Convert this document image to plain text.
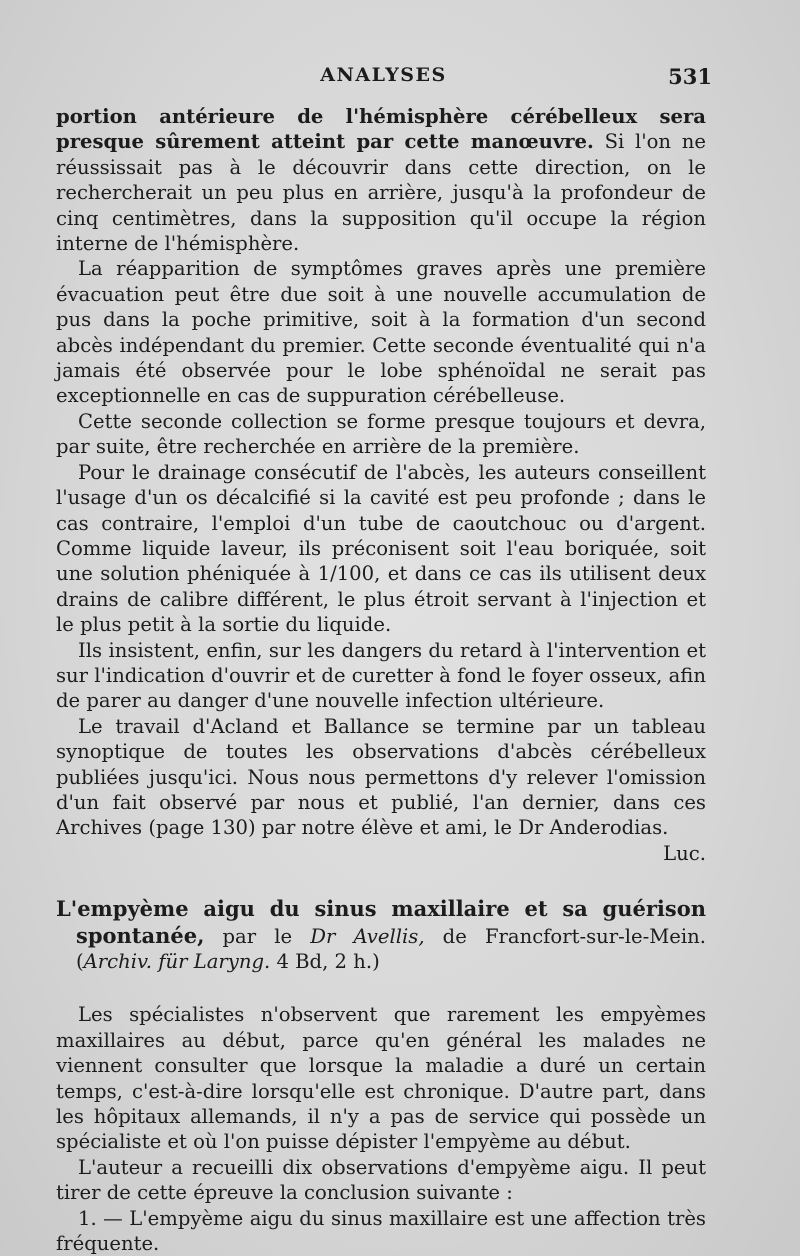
ANALYSES	531

portion antérieure de l'hémisphère cérébelleux sera presque sûrement atteint par cette manœuvre. Si l'on ne réussissait pas à le découvrir dans cette direction, on le rechercherait un peu plus en arrière, jusqu'à la profondeur de cinq centimètres, dans la supposition qu'il occupe la région interne de l'hémisphère.

La réapparition de symptômes graves après une première évacuation peut être due soit à une nouvelle accumulation de pus dans la poche primitive, soit à la formation d'un second abcès indépendant du premier. Cette seconde éventualité qui n'a jamais été observée pour le lobe sphénoïdal ne serait pas exceptionnelle en cas de suppuration cérébelleuse.

Cette seconde collection se forme presque toujours et devra, par suite, être recherchée en arrière de la première.

Pour le drainage consécutif de l'abcès, les auteurs conseillent l'usage d'un os décalcifié si la cavité est peu profonde ; dans le cas contraire, l'emploi d'un tube de caoutchouc ou d'argent. Comme liquide laveur, ils préconisent soit l'eau boriquée, soit une solution phéniquée à 1/100, et dans ce cas ils utilisent deux drains de calibre différent, le plus étroit servant à l'injection et le plus petit à la sortie du liquide.

Ils insistent, enfin, sur les dangers du retard à l'intervention et sur l'indication d'ouvrir et de curetter à fond le foyer osseux, afin de parer au danger d'une nouvelle infection ultérieure.

Le travail d'Acland et Ballance se termine par un tableau synoptique de toutes les observations d'abcès cérébelleux publiées jusqu'ici. Nous nous permettons d'y relever l'omission d'un fait observé par nous et publié, l'an dernier, dans ces Archives (page 130) par notre élève et ami, le Dr Anderodias.

Luc.

L'empyème aigu du sinus maxillaire et sa guérison spontanée, par le Dr Avellis, de Francfort-sur-le-Mein. (Archiv. für Laryng. 4 Bd, 2 h.)

Les spécialistes n'observent que rarement les empyèmes maxillaires au début, parce qu'en général les malades ne viennent consulter que lorsque la maladie a duré un certain temps, c'est-à-dire lorsqu'elle est chronique. D'autre part, dans les hôpitaux allemands, il n'y a pas de service qui possède un spécialiste et où l'on puisse dépister l'empyème au début.

L'auteur a recueilli dix observations d'empyème aigu. Il peut tirer de cette épreuve la conclusion suivante :

1. — L'empyème aigu du sinus maxillaire est une affection très fréquente.
